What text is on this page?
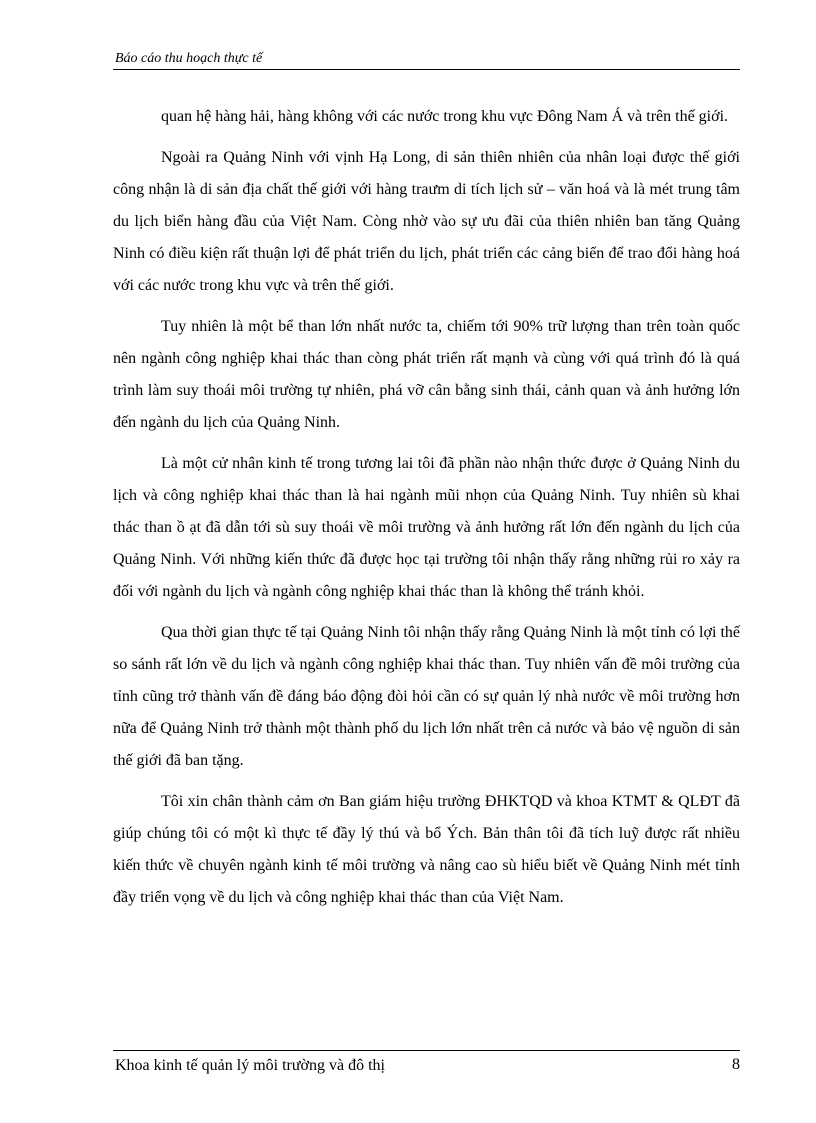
Báo cáo thu hoạch thực tế

quan hệ hàng hải, hàng không với các nước trong khu vực Đông Nam Á và trên thế giới.

Ngoài ra Quảng Ninh với vịnh Hạ Long, di sản thiên nhiên của nhân loại được thế giới công nhận là di sản địa chất thế giới với hàng traưm di tích lịch sử – văn hoá và là mét trung tâm du lịch biển hàng đầu của Việt Nam. Còng nhờ vào sự ưu đãi của thiên nhiên ban tăng Quảng Ninh có điều kiện rất thuận lợi để phát triển du lịch, phát triển các cảng biển để trao đổi hàng hoá với các nước trong khu vực và trên thế giới.

Tuy nhiên là một bể than lớn nhất nước ta, chiếm tới 90% trữ lượng than trên toàn quốc nên ngành công nghiệp khai thác than còng phát triển rất mạnh và cùng với quá trình đó là quá trình làm suy thoái môi trường tự nhiên, phá vỡ cân bằng sinh thái, cảnh quan và ảnh hưởng lớn đến ngành du lịch của Quảng Ninh.

Là một cử nhân kinh tế trong tương lai tôi đã phần nào nhận thức được ở Quảng Ninh du lịch và công nghiệp khai thác than là hai ngành mũi nhọn của Quảng Ninh. Tuy nhiên sù khai thác than ồ ạt đã dẫn tới sù suy thoái về môi trường và ảnh hưởng rất lớn đến ngành du lịch của Quảng Ninh. Với những kiến thức đã được học tại trường tôi nhận thấy rằng những rủi ro xảy ra đối với ngành du lịch và ngành công nghiệp khai thác than là không thể tránh khỏi.

Qua thời gian thực tế tại Quảng Ninh tôi nhận thấy rằng Quảng Ninh là một tỉnh có lợi thế so sánh rất lớn về du lịch và ngành công nghiệp khai thác than. Tuy nhiên vấn đề môi trường của tỉnh cũng trở thành vấn đề đáng báo động đòi hỏi cần có sự quản lý nhà nước về môi trường hơn nữa để Quảng Ninh trở thành một thành phố du lịch lớn nhất trên cả nước và bảo vệ nguồn di sản thế giới đã ban tặng.

Tôi xin chân thành cảm ơn Ban giám hiệu trường ĐHKTQD và khoa KTMT & QLĐT đã giúp chúng tôi có một kì thực tế đầy lý thú và bổ Ých. Bản thân tôi đã tích luỹ được rất nhiều kiến thức về chuyên ngành kinh tế môi trường và nâng cao sù hiểu biết về Quảng Ninh mét tỉnh đầy triển vọng về du lịch và công nghiệp khai thác than của Việt Nam.

Khoa kinh tế quản lý môi trường và đô thị	8
